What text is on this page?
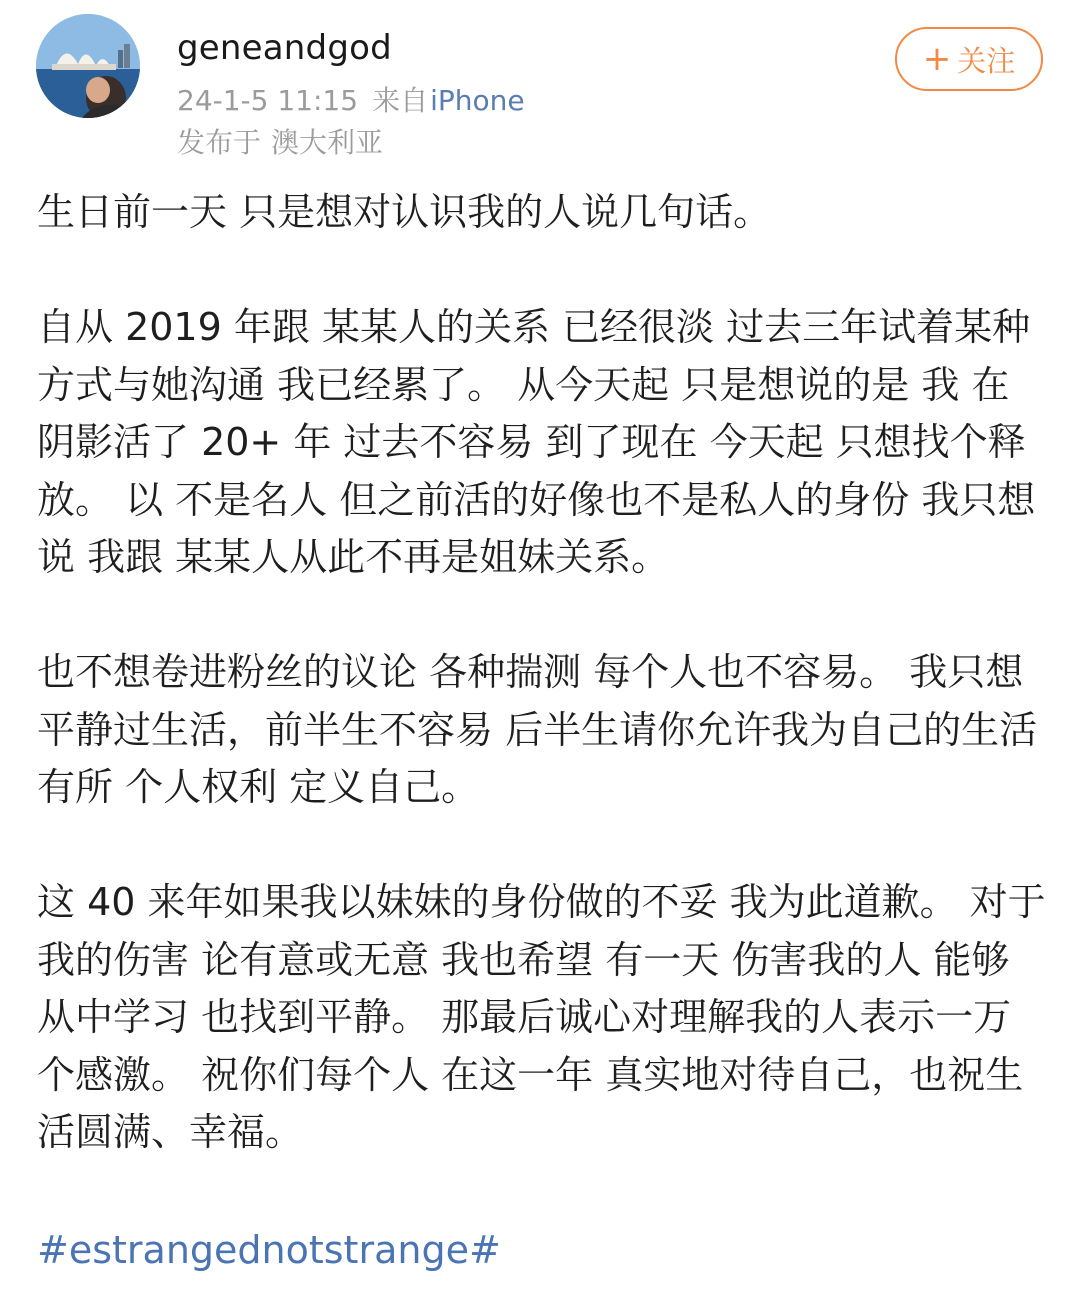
geneandgod
24-1-5 11:15 来自iPhone
发布于 澳大利亚
+ 关注

生日前一天 只是想对认识我的人说几句话。

自从 2019 年跟 某某人的关系 已经很淡 过去三年试着某种方式与她沟通 我已经累了。 从今天起 只是想说的是 我 在阴影活了 20+ 年 过去不容易 到了现在 今天起 只想找个释放。 以 不是名人 但之前活的好像也不是私人的身份 我只想说 我跟 某某人从此不再是姐妹关系。

也不想卷进粉丝的议论 各种揣测 每个人也不容易。 我只想平静过生活，前半生不容易 后半生请你允许我为自己的生活 有所 个人权利 定义自己。

这 40 来年如果我以妹妹的身份做的不妥 我为此道歉。 对于我的伤害 论有意或无意 我也希望 有一天 伤害我的人 能够 从中学习 也找到平静。 那最后诚心对理解我的人表示一万个感激。 祝你们每个人 在这一年 真实地对待自己，也祝生活圆满、幸福。

#estrangednotstrange#
